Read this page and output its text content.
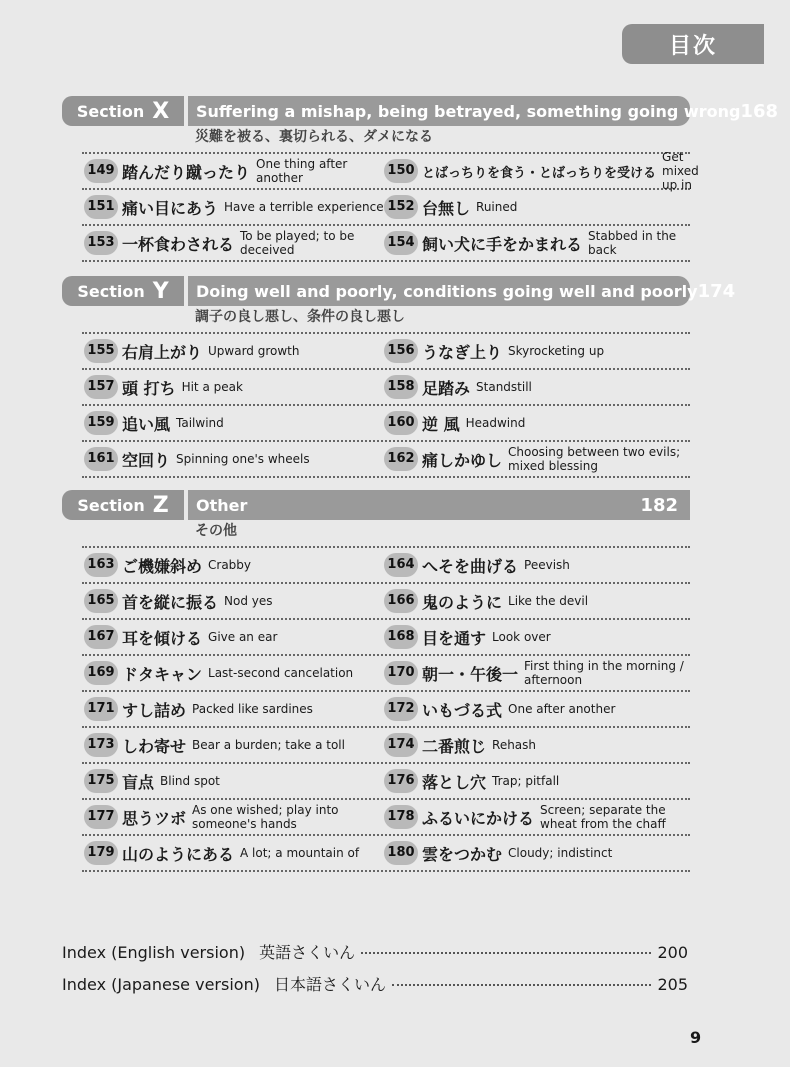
目次
Section X Suffering a mishap, being betrayed, something going wrong 168
災難を被る、裏切られる、ダメになる
149 踏んだり蹴ったり One thing after another	150 とばっちりを食う・とばっちりを受ける
Get mixed up in
151 痛い目にあう Have a terrible experience 152 台無し Ruined
153 一杯食わされる To be played; to be deceived	154 飼い犬に手をかまれる Stabbed in the back
Section Y Doing well and poorly, conditions going well and poorly 174
調子の良し悪し、条件の良し悪し
155 右肩上がり Upward growth	156 うなぎ上り Skyrocketing up
157 頭 打ち Hit a peak	158 足踏み Standstill
159 追い風 Tailwind	160 逆 風 Headwind
161 空回り Spinning one's wheels	162 痛しかゆし Choosing between two evils; mixed blessing
Section Z Other	182
その他
163 ご機嫌斜め Crabby	164 へそを曲げる Peevish
165 首を縦に振る Nod yes	166 鬼のように Like the devil
167 耳を傾ける Give an ear	168 目を通す Look over
169 ドタキャン Last-second cancelation	170 朝一・午後一 First thing in the morning / afternoon
171 すし詰め Packed like sardines	172 いもづる式 One after another
173 しわ寄せ Bear a burden; take a toll	174 二番煎じ Rehash
175 盲点 Blind spot	176 落とし穴 Trap; pitfall
177 思うツボ As one wished; play into someone's hands	178 ふるいにかける Screen; separate the wheat from the chaff
179 山のようにある A lot; a mountain of 180 雲をつかむ Cloudy; indistinct
Index (English version) 英語さくいん	200
Index (Japanese version) 日本語さくいん	205
9
